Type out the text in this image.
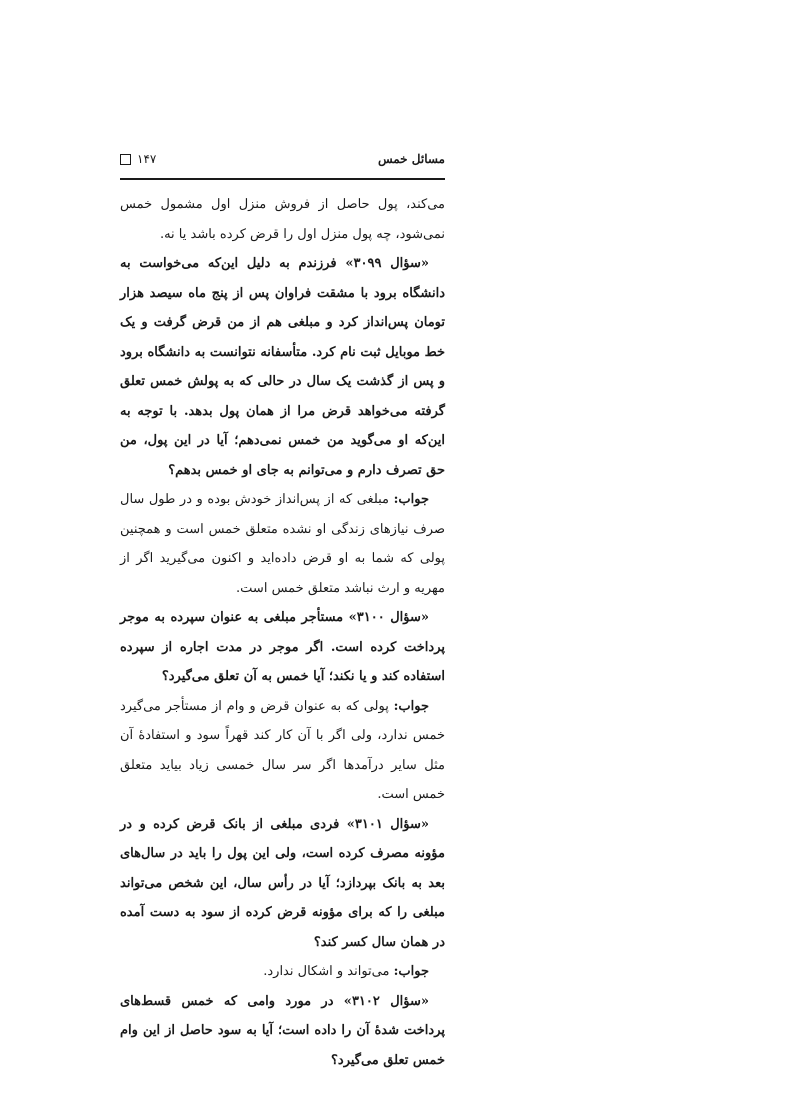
مسائل خمس
۱۴۷

می‌کند، پول حاصل از فروش منزل اول مشمول خمس نمی‌شود، چه پول منزل اول را قرض کرده باشد یا نه.

«سؤال ۳۰۹۹» فرزندم به دلیل این‌که می‌خواست به دانشگاه برود با مشقت فراوان پس از پنج ماه سیصد هزار تومان پس‌انداز کرد و مبلغی هم از من قرض گرفت و یک خط موبایل ثبت نام کرد. متأسفانه نتوانست به دانشگاه برود و پس از گذشت یک سال در حالی که به پولش خمس تعلق گرفته می‌خواهد قرض مرا از همان پول بدهد. با توجه به این‌که او می‌گوید من خمس نمی‌دهم؛ آیا در این پول، من حق تصرف دارم و می‌توانم به جای او خمس بدهم؟

جواب: مبلغی که از پس‌انداز خودش بوده و در طول سال صرف نیازهای زندگی او نشده متعلق خمس است و همچنین پولی که شما به او قرض داده‌اید و اکنون می‌گیرید اگر از مهریه و ارث نباشد متعلق خمس است.

«سؤال ۳۱۰۰» مستأجر مبلغی به عنوان سپرده به موجر پرداخت کرده است. اگر موجر در مدت اجاره از سپرده استفاده کند و یا نکند؛ آیا خمس به آن تعلق می‌گیرد؟

جواب: پولی که به عنوان قرض و وام از مستأجر می‌گیرد خمس ندارد، ولی اگر با آن کار کند قهراً سود و استفادهٔ آن مثل سایر درآمدها اگر سر سال خمسی زیاد بیاید متعلق خمس است.

«سؤال ۳۱۰۱» فردی مبلغی از بانک قرض کرده و در مؤونه مصرف کرده است، ولی این پول را باید در سال‌های بعد به بانک بپردازد؛ آیا در رأس سال، این شخص می‌تواند مبلغی را که برای مؤونه قرض کرده از سود به دست آمده در همان سال کسر کند؟

جواب: می‌تواند و اشکال ندارد.

«سؤال ۳۱۰۲» در مورد وامی که خمس قسط‌های پرداخت شدهٔ آن را داده است؛ آیا به سود حاصل از این وام خمس تعلق می‌گیرد؟
